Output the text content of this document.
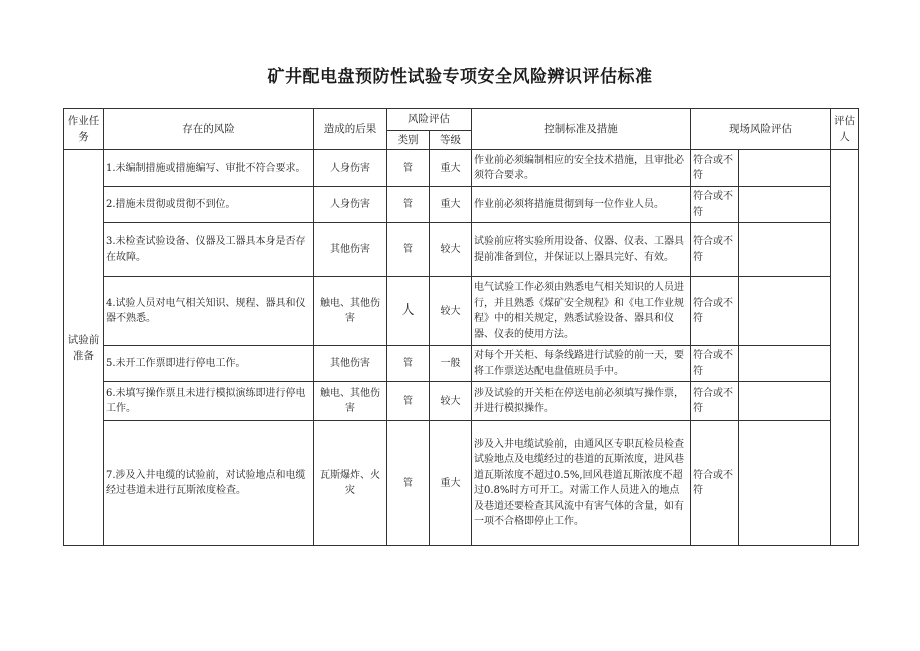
矿井配电盘预防性试验专项安全风险辨识评估标准
作业任务	存在的风险	造成的后果	风险评估		控制标准及措施	现场风险评估		评估人
			类别	等级				
试验前准备	1.未编制措施或措施编写、审批不符合要求。	人身伤害	管	重大	作业前必须编制相应的安全技术措施，且审批必须符合要求。	符合或不符		
	2.措施未贯彻或贯彻不到位。	人身伤害	管	重大	作业前必须将措施贯彻到每一位作业人员。	符合或不符		
	3.未检查试验设备、仪器及工器具本身是否存在故障。	其他伤害	管	较大	试验前应将实验所用设备、仪器、仪表、工器具提前准备到位，并保证以上器具完好、有效。	符合或不符		
	4.试验人员对电气相关知识、规程、器具和仪器不熟悉。	触电、其他伤害	人	较大	电气试验工作必须由熟悉电气相关知识的人员进行，并且熟悉《煤矿安全规程》和《电工作业规程》中的相关规定，熟悉试验设备、器具和仪器、仪表的使用方法。	符合或不符		
	5.未开工作票即进行停电工作。	其他伤害	管	一般	对每个开关柜、每条线路进行试验的前一天，要将工作票送达配电盘值班员手中。	符合或不符		
	6.未填写操作票且未进行模拟演练即进行停电工作。	触电、其他伤害	管	较大	涉及试验的开关柜在停送电前必须填写操作票，并进行模拟操作。	符合或不符		
	7.涉及入井电缆的试验前，对试验地点和电缆经过巷道未进行瓦斯浓度检查。	瓦斯爆炸、火灾	管	重大	涉及入井电缆试验前，由通风区专职瓦检员检查试验地点及电缆经过的巷道的瓦斯浓度，进风巷道瓦斯浓度不超过0.5%,回风巷道瓦斯浓度不超过0.8%时方可开工。对需工作人员进入的地点及巷道还要检查其风流中有害气体的含量，如有一项不合格即停止工作。	符合或不符		
